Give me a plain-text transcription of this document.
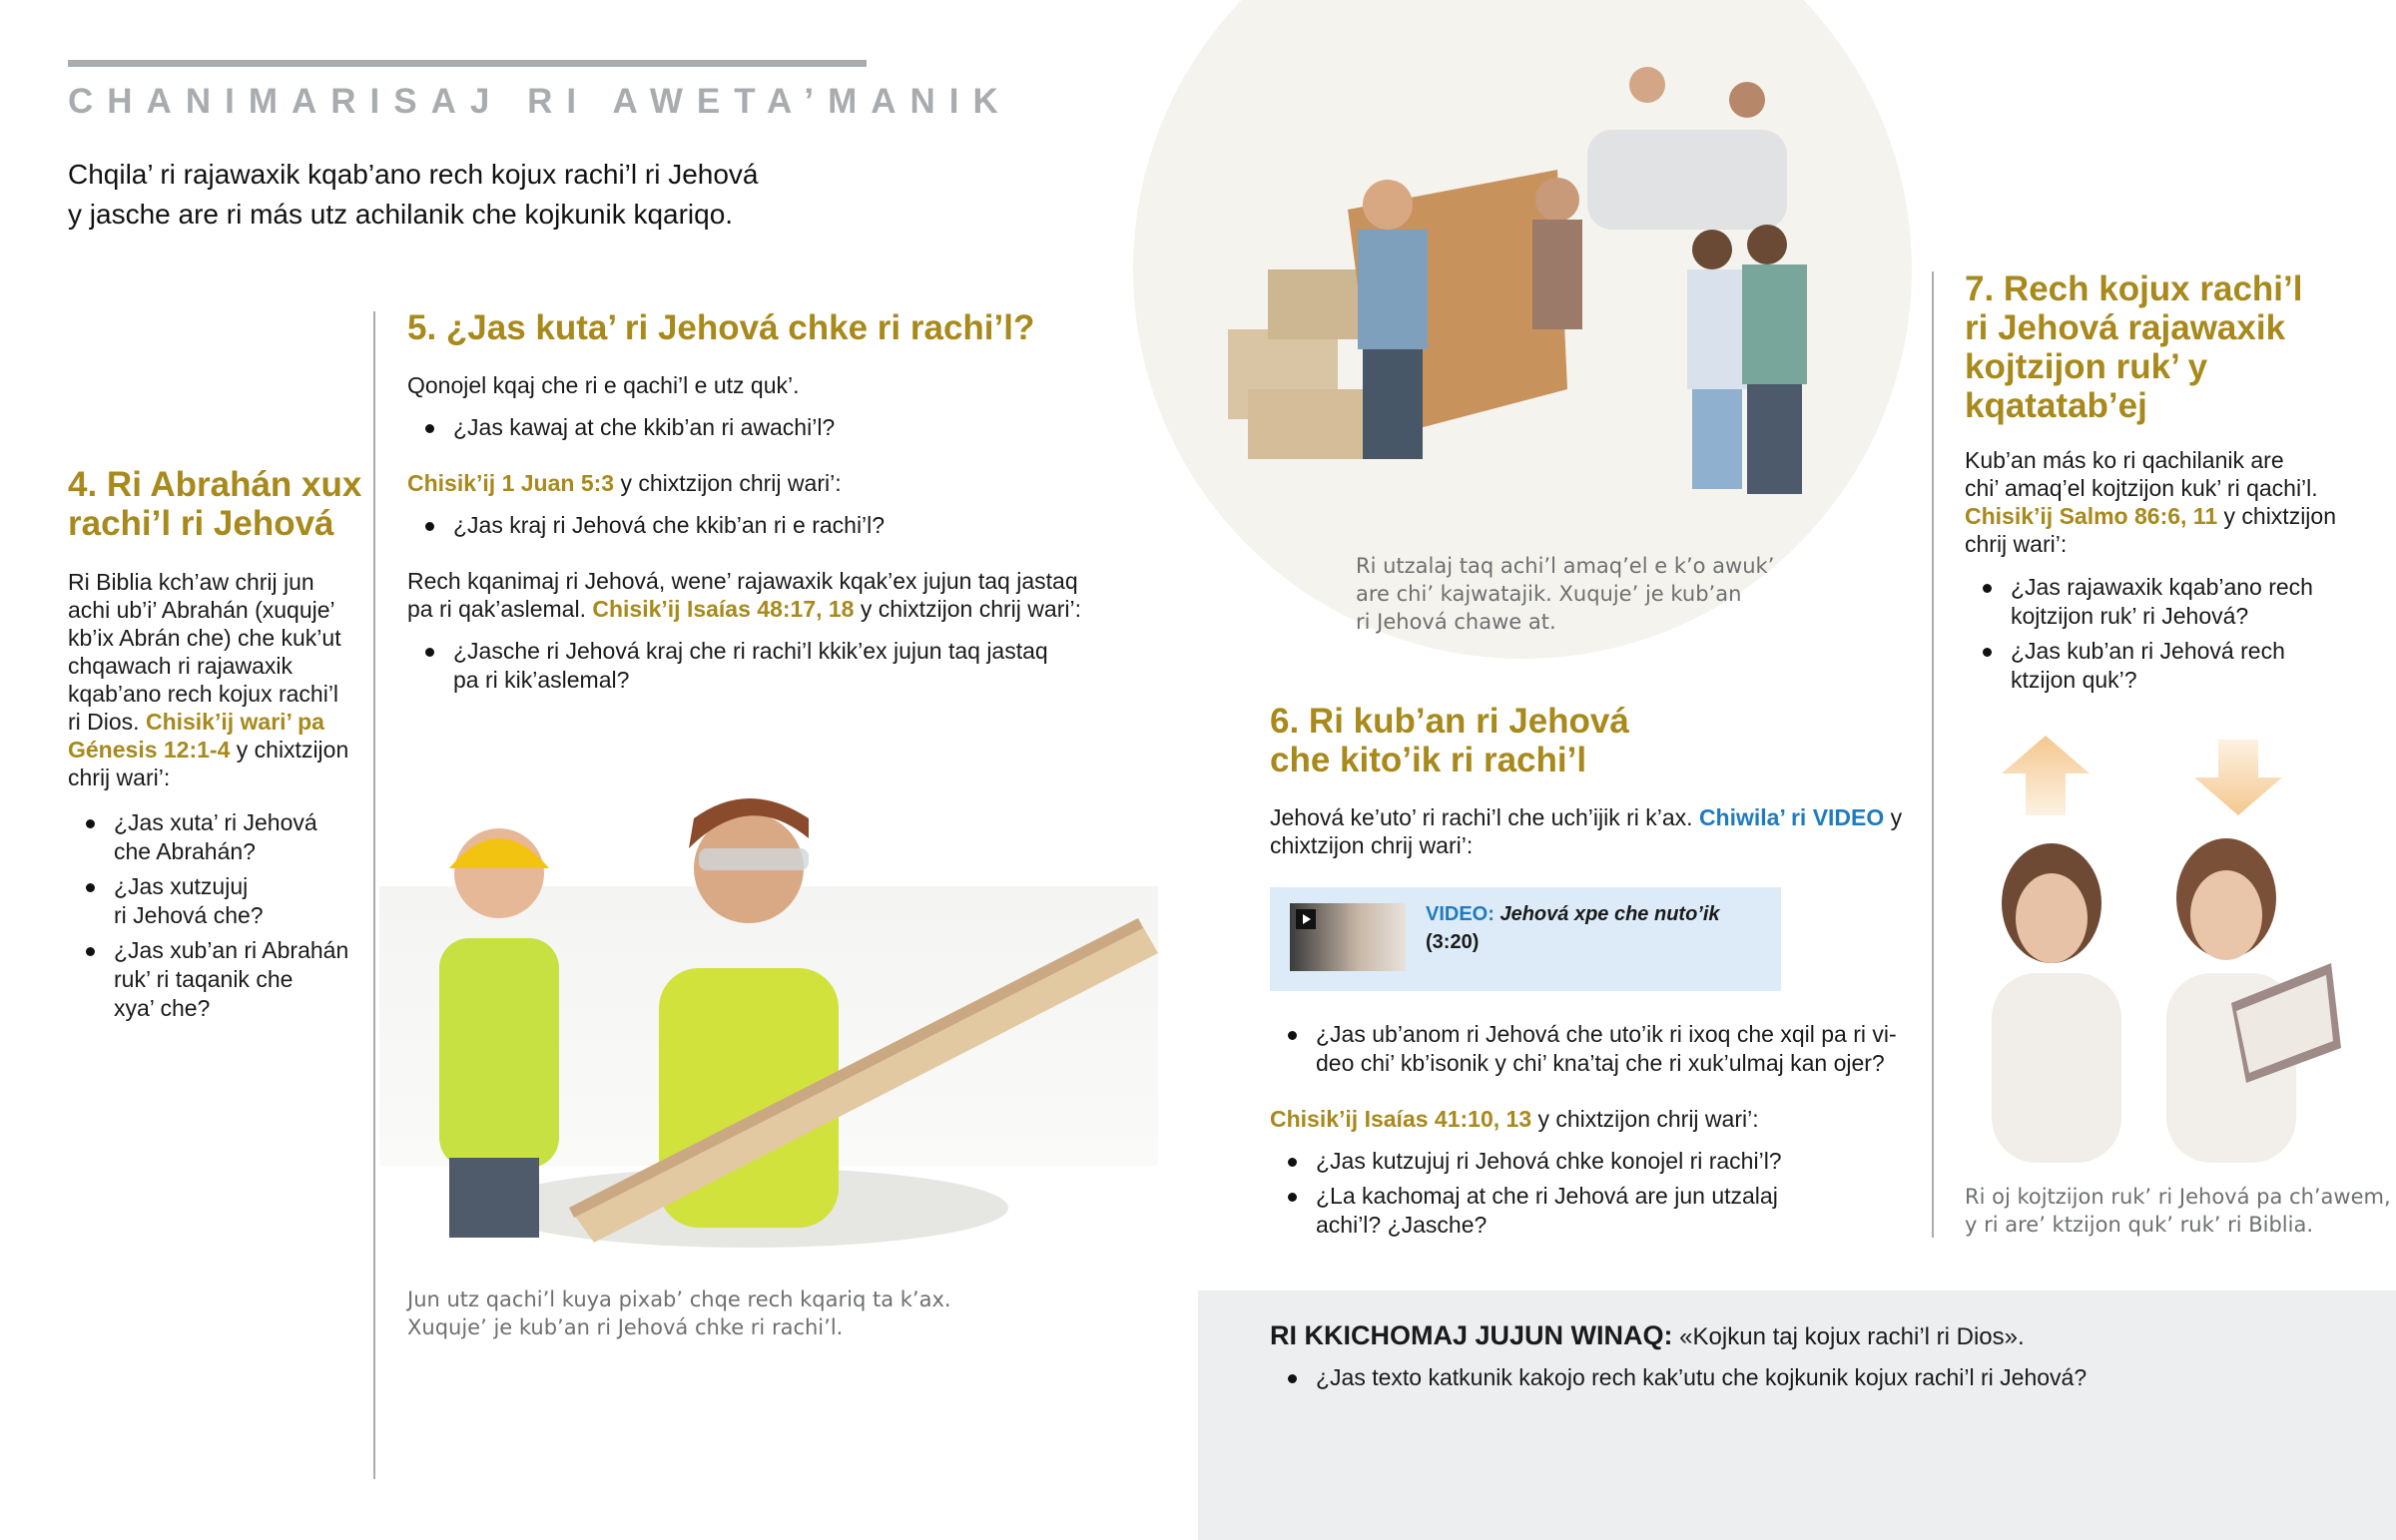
CHANIMARISAJ RI AWETA’MANIK
Chqila’ ri rajawaxik kqab’ano rech kojux rachi’l ri Jehová
y jasche are ri más utz achilanik che kojkunik kqariqo.
4. Ri Abrahán xux
rachi’l ri Jehová
Ri Biblia kch’aw chrij jun
achi ub’i’ Abrahán (xuquje’
kb’ix Abrán che) che kuk’ut
chqawach ri rajawaxik
kqab’ano rech kojux rachi’l
ri Dios. Chisik’ij wari’ pa
Génesis 12:1-4 y chixtzijon
chrij wari’:
¿Jas xuta’ ri Jehová
che Abrahán?
¿Jas xutzujuj
ri Jehová che?
¿Jas xub’an ri Abrahán
ruk’ ri taqanik che
xya’ che?
5. ¿Jas kuta’ ri Jehová chke ri rachi’l?
Qonojel kqaj che ri e qachi’l e utz quk’.
¿Jas kawaj at che kkib’an ri awachi’l?
Chisik’ij 1 Juan 5:3 y chixtzijon chrij wari’:
¿Jas kraj ri Jehová che kkib’an ri e rachi’l?
Rech kqanimaj ri Jehová, wene’ rajawaxik kqak’ex jujun taq jastaq
pa ri qak’aslemal. Chisik’ij Isaías 48:17, 18 y chixtzijon chrij wari’:
¿Jasche ri Jehová kraj che ri rachi’l kkik’ex jujun taq jastaq
pa ri kik’aslemal?
Jun utz qachi’l kuya pixab’ chqe rech kqariq ta k’ax.
Xuquje’ je kub’an ri Jehová chke ri rachi’l.
Ri utzalaj taq achi’l amaq’el e k’o awuk’
are chi’ kajwatajik. Xuquje’ je kub’an
ri Jehová chawe at.
6. Ri kub’an ri Jehová
che kito’ik ri rachi’l
Jehová ke’uto’ ri rachi’l che uch’ijik ri k’ax. Chiwila’ ri VIDEO y
chixtzijon chrij wari’:
VIDEO: Jehová xpe che nuto’ik
(3:20)
¿Jas ub’anom ri Jehová che uto’ik ri ixoq che xqil pa ri vi-
deo chi’ kb’isonik y chi’ kna’taj che ri xuk’ulmaj kan ojer?
Chisik’ij Isaías 41:10, 13 y chixtzijon chrij wari’:
¿Jas kutzujuj ri Jehová chke konojel ri rachi’l?
¿La kachomaj at che ri Jehová are jun utzalaj
achi’l? ¿Jasche?
7. Rech kojux rachi’l
ri Jehová rajawaxik
kojtzijon ruk’ y
kqatatab’ej
Kub’an más ko ri qachilanik are
chi’ amaq’el kojtzijon kuk’ ri qachi’l.
Chisik’ij Salmo 86:6, 11 y chixtzijon
chrij wari’:
¿Jas rajawaxik kqab’ano rech
kojtzijon ruk’ ri Jehová?
¿Jas kub’an ri Jehová rech
ktzijon quk’?
Ri oj kojtzijon ruk’ ri Jehová pa ch’awem,
y ri are’ ktzijon quk’ ruk’ ri Biblia.
RI KKICHOMAJ JUJUN WINAQ: «Kojkun taj kojux rachi’l ri Dios».
¿Jas texto katkunik kakojo rech kak’utu che kojkunik kojux rachi’l ri Jehová?
